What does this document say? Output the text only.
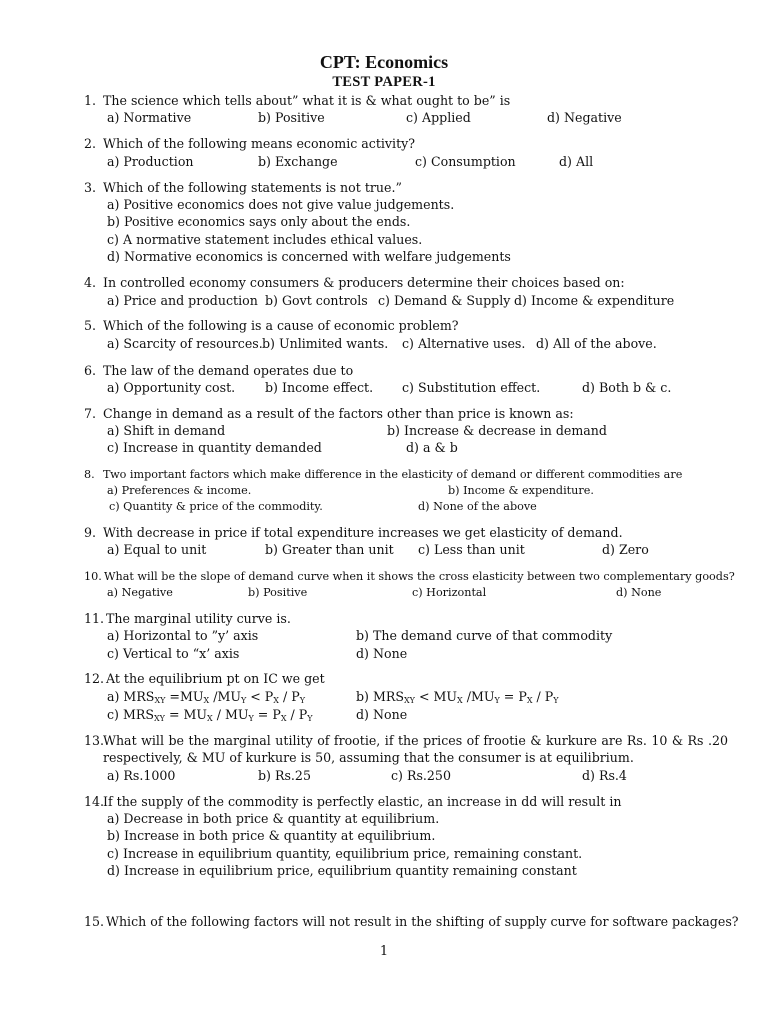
CPT: Economics
TEST PAPER-1
1. The science which tells about” what it is & what ought to be” is
a) Normative	b) Positive	c) Applied	d) Negative
2. Which of the following means economic activity?
a) Production	b) Exchange	c) Consumption	d) All
3. Which of the following statements is not true.”
a) Positive economics does not give value judgements.
b) Positive economics says only about the ends.
c) A normative statement includes ethical values.
d) Normative economics is concerned with welfare judgements
4. In controlled economy consumers & producers determine their choices based on:
a) Price and production b) Govt controls c) Demand & Supply d) Income & expenditure
5. Which of the following is a cause of economic problem?
a) Scarcity of resources. b) Unlimited wants. c) Alternative uses. d) All of the above.
6. The law of the demand operates due to
a) Opportunity cost. b) Income effect. c) Substitution effect.	d) Both b & c.
7. Change in demand as a result of the factors other than price is known as:
a) Shift in demand	b) Increase & decrease in demand
c) Increase in quantity demanded	d) a & b
8. Two important factors which make difference in the elasticity of demand or different commodities are
a) Preferences & income.	b) Income & expenditure.
c) Quantity & price of the commodity.	d) None of the above
9. With decrease in price if total expenditure increases we get elasticity of demand.
a) Equal to unit	b) Greater than unit c) Less than unit	d) Zero
10. What will be the slope of demand curve when it shows the cross elasticity between two complementary goods?
a) Negative	b) Positive	c) Horizontal	d) None
11. The marginal utility curve is.
a) Horizontal to ”y’ axis	b) The demand curve of that commodity
c) Vertical to “x’ axis	d) None
12. At the equilibrium pt on IC we get
a) $MRS_{XY} =MU_X$ $/MU_Y < P_X / P_Y$	b) $MRS_{XY} < MU_X$ $/MU_Y = P_X / P_Y$
c) $MRS_{XY} = MU_X / MU_Y = P_X / P_Y$	d) None
13.
What will be the marginal utility of frootie, if the prices of frootie & kurkure are Rs. 10 & Rs .20 respectively, & MU of kurkure is 50, assuming that the consumer is at equilibrium.
a) Rs.1000	b) Rs.25	c) Rs.250	d) Rs.4
14.
If the supply of the commodity is perfectly elastic, an increase in dd will result in
a) Decrease in both price & quantity at equilibrium.
b) Increase in both price & quantity at equilibrium.
c) Increase in equilibrium quantity, equilibrium price, remaining constant.
d) Increase in equilibrium price, equilibrium quantity remaining constant
15. Which of the following factors will not result in the shifting of supply curve for software packages?
1
